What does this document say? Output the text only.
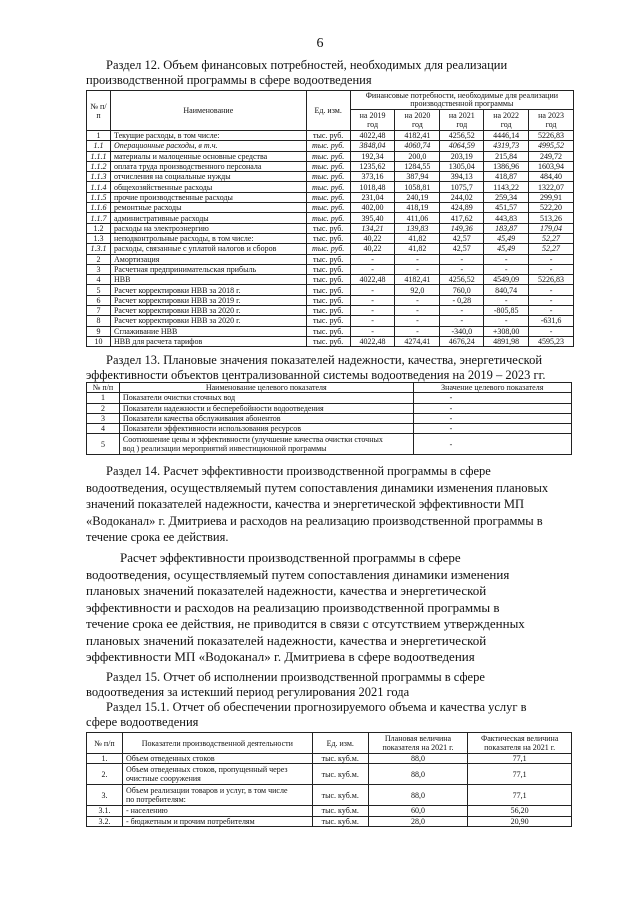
6
Раздел 12. Объем финансовых потребностей, необходимых для реализации
производственной программы в сфере водоотведения
№ п/п	Наименование	Ед. изм.	Финансовые потребности, необходимые для реализации производственной программы				
			на 2019 год	на 2020 год	на 2021 год	на 2022 год	на 2023 год
1	Текущие расходы, в том числе:	тыс. руб.	4022,48	4182,41	4256,52	4446,14	5226,83
1.1	Операционные расходы, в т.ч.	тыс. руб.	3848,04	4060,74	4064,59	4319,73	4995,52
1.1.1	материалы и малоценные основные средства	тыс. руб.	192,34	200,0	203,19	215,84	249,72
1.1.2	оплата труда производственного персонала	тыс. руб.	1235,62	1284,55	1305,04	1386,96	1603,94
1.1.3	отчисления на социальные нужды	тыс. руб.	373,16	387,94	394,13	418,87	484,40
1.1.4	общехозяйственные расходы	тыс. руб.	1018,48	1058,81	1075,7	1143,22	1322,07
1.1.5	прочие производственные расходы	тыс. руб.	231,04	240,19	244,02	259,34	299,91
1.1.6	ремонтные расходы	тыс. руб.	402,00	418,19	424,89	451,57	522,20
1.1.7	административные расходы	тыс. руб.	395,40	411,06	417,62	443,83	513,26
1.2	расходы на электроэнергию	тыс. руб.	134,21	139,83	149,36	183,87	179,04
1.3	неподконтрольные расходы, в том числе:	тыс. руб.	40,22	41,82	42,57	45,49	52,27
1.3.1	расходы, связанные с уплатой налогов и сборов	тыс. руб.	40,22	41,82	42,57	45,49	52,27
2	Амортизация	тыс. руб.	-	-	-	-	-
3	Расчетная предпринимательская прибыль	тыс. руб.	-	-	-	-	-
4	НВВ	тыс. руб.	4022,48	4182,41	4256,52	4549,09	5226,83
5	Расчет корректировки НВВ за 2018 г.	тыс. руб.	-	92,0	760,0	840,74	-
6	Расчет корректировки НВВ за 2019 г.	тыс. руб.	-	-	- 0,28	-	-
7	Расчет корректировки НВВ за 2020 г.	тыс. руб.	-	-	-	-805,85	-
8	Расчет корректировки НВВ за 2020 г.	тыс. руб.	-	-	-	-	-631,6
9	Сглаживание НВВ	тыс. руб.	-	-	-340,0	+308,00	-
10	НВВ для расчета тарифов	тыс. руб.	4022,48	4274,41	4676,24	4891,98	4595,23
Раздел 13. Плановые значения показателей надежности, качества, энергетической
эффективности объектов централизованной системы водоотведения на 2019 – 2023 гг.
№ п/п	Наименование целевого показателя	Значение целевого показателя
1	Показатели очистки сточных вод	-
2	Показатели надежности и бесперебойности водоотведения	-
3	Показатели качества обслуживания абонентов	-
4	Показатели эффективности использования ресурсов	-
5	Соотношение цены и эффективности (улучшение качества очистки сточных
вод ) реализации мероприятий инвестиционной программы	-
Раздел 14. Расчет эффективности производственной программы в сфере
водоотведения, осуществляемый путем сопоставления динамики изменения плановых
значений показателей надежности, качества и энергетической эффективности МП
«Водоканал» г. Дмитриева и расходов на реализацию производственной программы в
течение срока ее действия.
Расчет эффективности производственной программы в сфере
водоотведения, осуществляемый путем сопоставления динамики изменения
плановых значений показателей надежности, качества и энергетической
эффективности и расходов на реализацию производственной программы в
течение срока ее действия, не приводится в связи с отсутствием утвержденных
плановых значений показателей надежности, качества и энергетической
эффективности МП «Водоканал» г. Дмитриева в сфере водоотведения
Раздел 15. Отчет об исполнении производственной программы в сфере
водоотведения за истекший период регулирования 2021 года
Раздел 15.1. Отчет об обеспечении прогнозируемого объема и качества услуг в
сфере водоотведения
№ п/п	Показатели производственной деятельности	Ед. изм.	Плановая величина показателя на 2021 г.	Фактическая величина показателя на 2021 г.
1.	Объем отведенных стоков	тыс. куб.м.	88,0	77,1
2.	Объем отведенных стоков, пропущенный через
очистные сооружения	тыс. куб.м.	88,0	77,1
3.	Объем реализации товаров и услуг, в том числе
по потребителям:	тыс. куб.м.	88,0	77,1
3.1.	- населению	тыс. куб.м.	60,0	56,20
3.2.	- бюджетным и прочим потребителям	тыс. куб.м.	28,0	20,90
